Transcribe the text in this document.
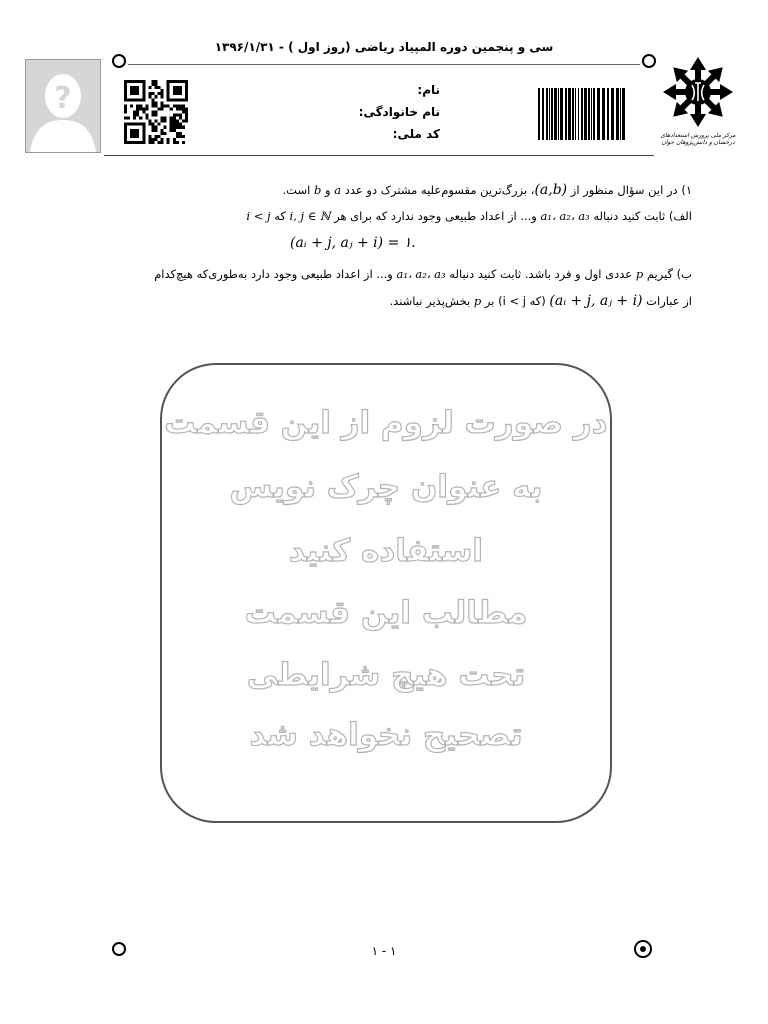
سی و پنجمین دوره المپیاد ریاضی (روز اول ) - ۱۳۹۶/۱/۳۱
?	نام:
نام خانوادگی:
کد ملی:	مرکز ملی پرورش استعدادهای درخشان و دانش‌پژوهان جوان
۱) در این سؤال منظور از (a,b)، بزرگ‌ترین مقسوم‌علیه مشترک دو عدد a و b است.
الف) ثابت کنید دنباله a₁، a₂، a₃ و... از اعداد طبیعی وجود ندارد که برای هر i, j ∈ ℕ که i < j
(aᵢ + j, aⱼ + i) = ۱.
ب) گیریم p عددی اول و فرد باشد. ثابت کنید دنباله a₁، a₂، a₃ و... از اعداد طبیعی وجود دارد به‌طوری‌که هیچ‌کدام
از عبارات (aᵢ + j, aⱼ + i) (که i < j) بر p بخش‌پذیر نباشند.
در صورت لزوم از این قسمت
به عنوان چرک نویس
استفاده کنید
مطالب این قسمت
تحت هیچ شرایطی
تصحیح نخواهد شد
۱ - ۱
